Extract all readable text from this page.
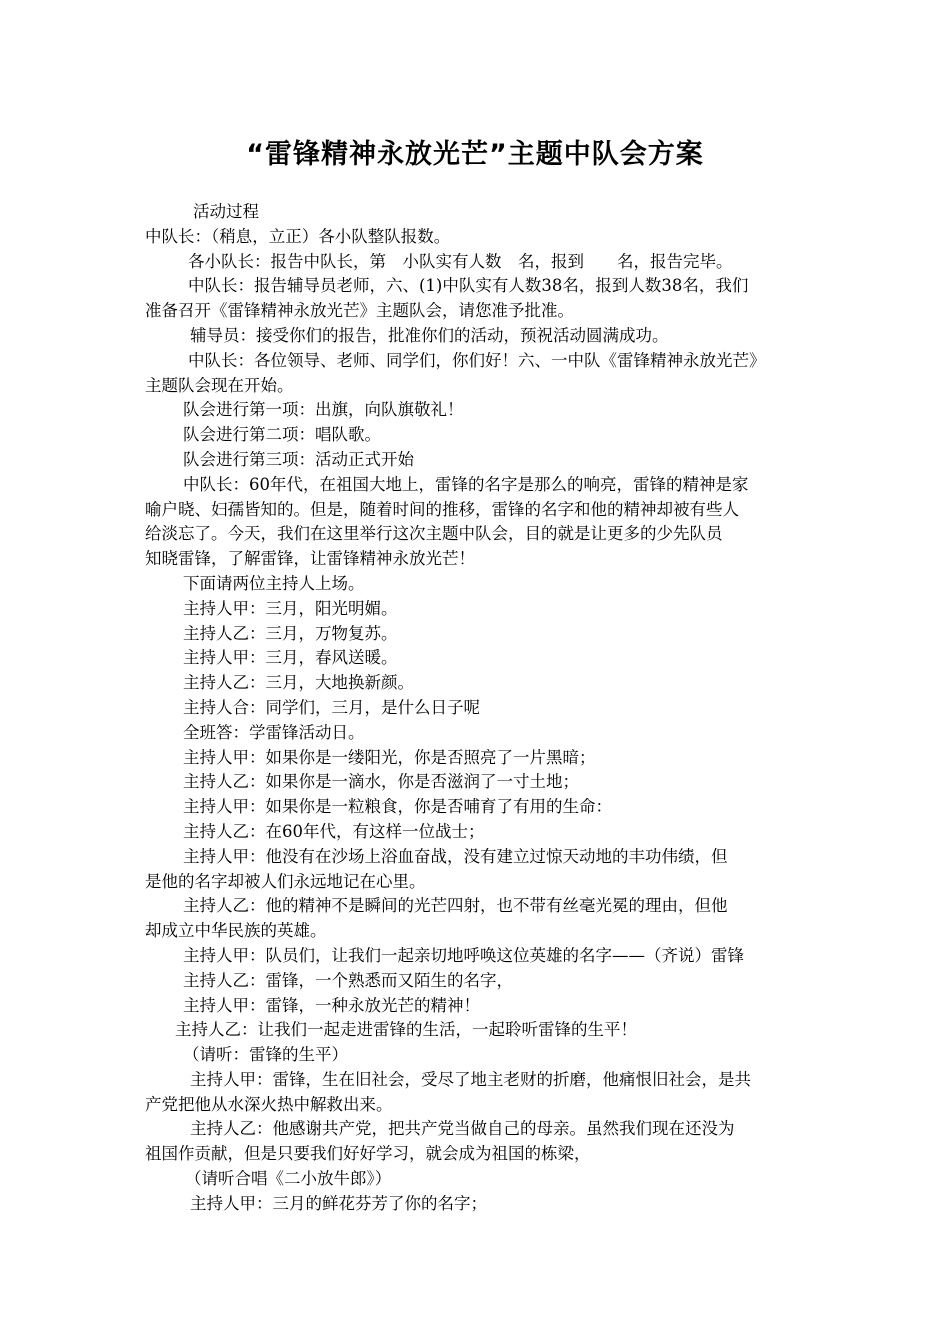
“雷锋精神永放光芒”主题中队会方案
活动过程
中队长：（稍息，立正）各小队整队报数。
各小队长：报告中队长，第　小队实有人数　名，报到　　名，报告完毕。
中队长：报告辅导员老师，六、(1)中队实有人数38名，报到人数38名，我们
准备召开《雷锋精神永放光芒》主题队会，请您准予批准。
辅导员：接受你们的报告，批准你们的活动，预祝活动圆满成功。
中队长：各位领导、老师、同学们，你们好！六、一中队《雷锋精神永放光芒》
主题队会现在开始。
队会进行第一项：出旗，向队旗敬礼！
队会进行第二项：唱队歌。
队会进行第三项：活动正式开始
中队长：60年代，在祖国大地上，雷锋的名字是那么的响亮，雷锋的精神是家
喻户晓、妇孺皆知的。但是，随着时间的推移，雷锋的名字和他的精神却被有些人
给淡忘了。今天，我们在这里举行这次主题中队会，目的就是让更多的少先队员
知晓雷锋，了解雷锋，让雷锋精神永放光芒！
下面请两位主持人上场。
主持人甲：三月，阳光明媚。
主持人乙：三月，万物复苏。
主持人甲：三月，春风送暖。
主持人乙：三月，大地换新颜。
主持人合：同学们，三月，是什么日子呢
全班答：学雷锋活动日。
主持人甲：如果你是一缕阳光，你是否照亮了一片黑暗；
主持人乙：如果你是一滴水，你是否滋润了一寸土地；
主持人甲：如果你是一粒粮食，你是否哺育了有用的生命：
主持人乙：在60年代，有这样一位战士；
主持人甲：他没有在沙场上浴血奋战，没有建立过惊天动地的丰功伟绩，但
是他的名字却被人们永远地记在心里。
主持人乙：他的精神不是瞬间的光芒四射，也不带有丝毫光冕的理由，但他
却成立中华民族的英雄。
主持人甲：队员们，让我们一起亲切地呼唤这位英雄的名字——（齐说）雷锋
主持人乙：雷锋，一个熟悉而又陌生的名字，
主持人甲：雷锋，一种永放光芒的精神！
主持人乙：让我们一起走进雷锋的生活，一起聆听雷锋的生平！
（请听：雷锋的生平）
主持人甲：雷锋，生在旧社会，受尽了地主老财的折磨，他痛恨旧社会，是共
产党把他从水深火热中解救出来。
主持人乙：他感谢共产党，把共产党当做自己的母亲。虽然我们现在还没为
祖国作贡献，但是只要我们好好学习，就会成为祖国的栋梁，
（请听合唱《二小放牛郎》）
主持人甲：三月的鲜花芬芳了你的名字；
